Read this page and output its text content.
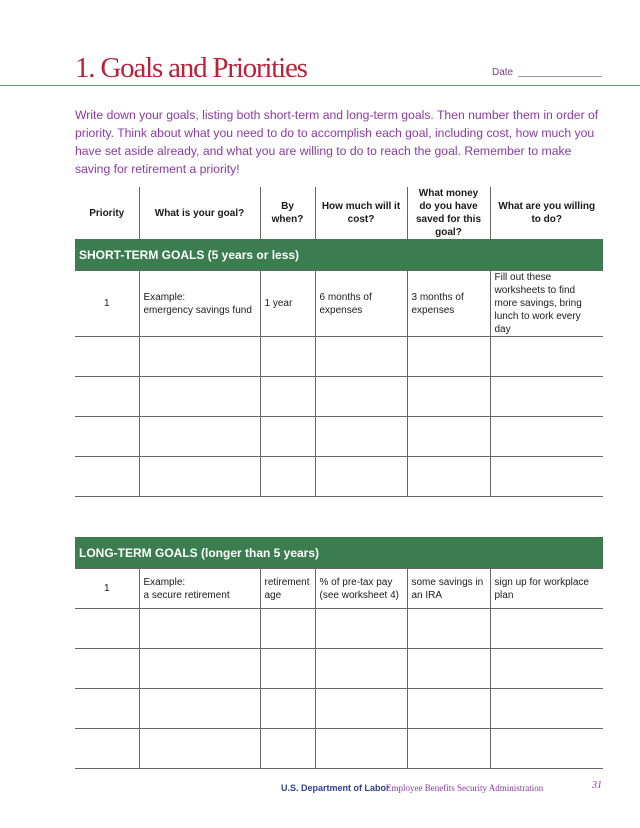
1. Goals and Priorities	Date
Write down your goals, listing both short-term and long-term goals. Then number them in order of priority. Think about what you need to do to accomplish each goal, including cost, how much you have set aside already, and what you are willing to do to reach the goal. Remember to make saving for retirement a priority!
Priority	What is your goal?	By when?	How much will it cost?	What money do you have saved for this goal?	What are you willing to do?
SHORT-TERM GOALS (5 years or less)					
1	Example:
emergency savings fund	1 year	6 months of expenses	3 months of expenses	Fill out these worksheets to find more savings, bring lunch to work every day

LONG-TERM GOALS (longer than 5 years)					
1	Example:
a secure retirement	retirement age	% of pre-tax pay (see worksheet 4)	some savings in an IRA	sign up for workplace plan

U.S. Department of Labor
Employee Benefits Security Administration	31
